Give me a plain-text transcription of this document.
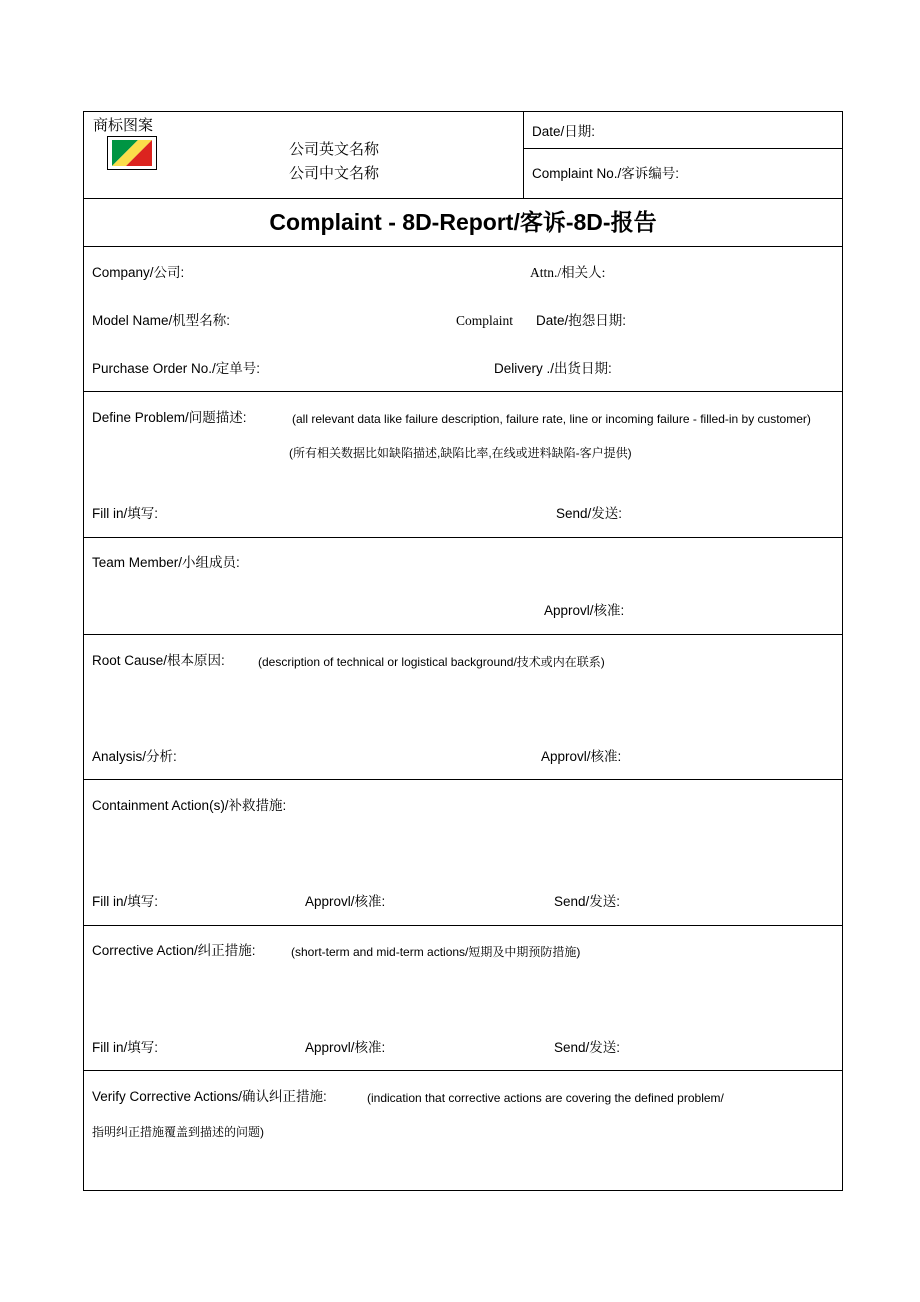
商标图案
公司英文名称
公司中文名称
Date/日期:
Complaint No./客诉编号:
Complaint - 8D-Report/客诉-8D-报告
Company/公司:	Attn./相关人:
Model Name/机型名称:	Complaint Date/抱怨日期:
Purchase Order No./定单号:	Delivery ./出货日期:
Define Problem/问题描述:	(all relevant data like failure description, failure rate, line or incoming failure - filled-in by customer)
(所有相关数据比如缺陷描述,缺陷比率,在线或进料缺陷-客户提供)
Fill in/填写:	Send/发送:
Team Member/小组成员:
Approvl/核准:
Root Cause/根本原因:	(description of technical or logistical background/技术或内在联系)
Analysis/分析:	Approvl/核准:
Containment Action(s)/补救措施:
Fill in/填写:	Approvl/核准:	Send/发送:
Corrective Action/纠正措施:	(short-term and mid-term actions/短期及中期预防措施)
Fill in/填写:	Approvl/核准:	Send/发送:
Verify Corrective Actions/确认纠正措施:	(indication that corrective actions are covering the defined problem/
指明纠正措施覆盖到描述的问题)
